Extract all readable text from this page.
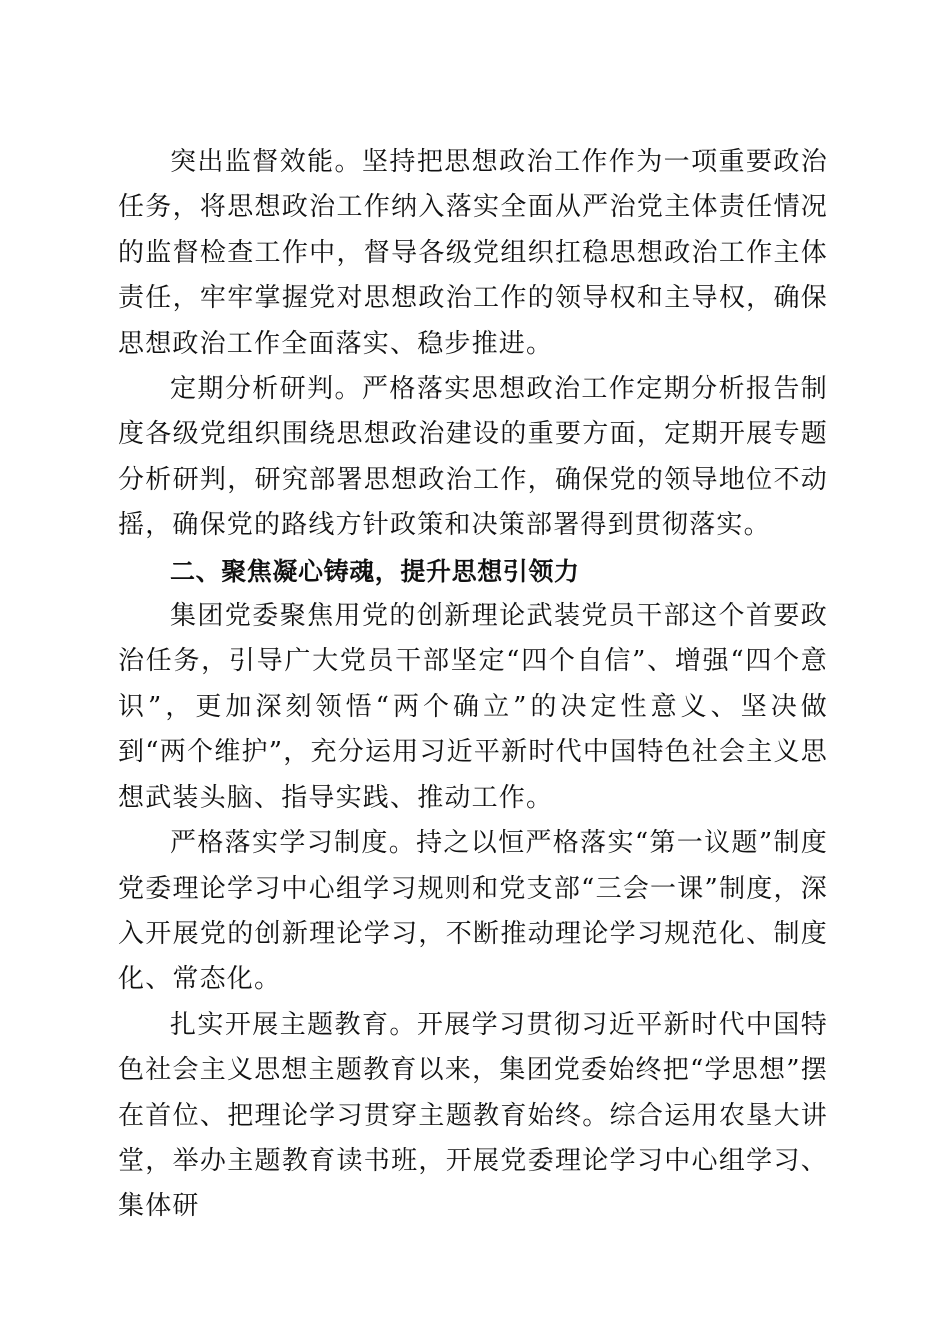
突出监督效能。坚持把思想政治工作作为一项重要政治任务，将思想政治工作纳入落实全面从严治党主体责任情况的监督检查工作中，督导各级党组织扛稳思想政治工作主体责任，牢牢掌握党对思想政治工作的领导权和主导权，确保思想政治工作全面落实、稳步推进。

定期分析研判。严格落实思想政治工作定期分析报告制度各级党组织围绕思想政治建设的重要方面，定期开展专题分析研判，研究部署思想政治工作，确保党的领导地位不动摇，确保党的路线方针政策和决策部署得到贯彻落实。

二、聚焦凝心铸魂，提升思想引领力

集团党委聚焦用党的创新理论武装党员干部这个首要政治任务，引导广大党员干部坚定“四个自信”、增强“四个意识”，更加深刻领悟“两个确立”的决定性意义、坚决做到“两个维护”，充分运用习近平新时代中国特色社会主义思想武装头脑、指导实践、推动工作。

严格落实学习制度。持之以恒严格落实“第一议题”制度党委理论学习中心组学习规则和党支部“三会一课”制度，深入开展党的创新理论学习，不断推动理论学习规范化、制度化、常态化。

扎实开展主题教育。开展学习贯彻习近平新时代中国特色社会主义思想主题教育以来，集团党委始终把“学思想”摆在首位、把理论学习贯穿主题教育始终。综合运用农垦大讲堂，举办主题教育读书班，开展党委理论学习中心组学习、集体研
